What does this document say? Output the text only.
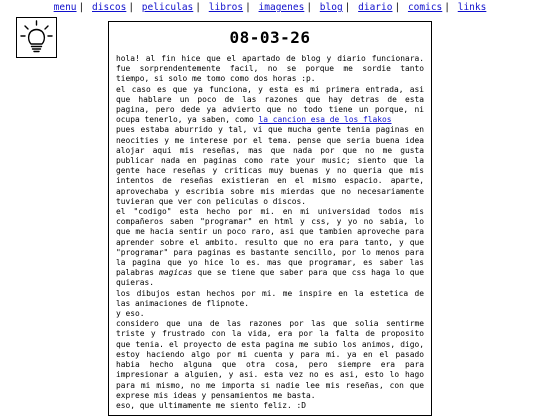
menu | discos | peliculas | libros | imagenes | blog | diario | comics | links
08-03-26

hola! al fin hice que el apartado de blog y diario funcionara. fue sorprendentemente facil, no se porque me sordie tanto tiempo, si solo me tomo como dos horas :p.

el caso es que ya funciona, y esta es mi primera entrada, asi que hablare un poco de las razones que hay detras de esta pagina, pero dede ya advierto que no todo tiene un porque, ni ocupa tenerlo, ya saben, como la cancion esa de los flakos

pues estaba aburrido y tal, vi que mucha gente tenia paginas en neocities y me interese por el tema. pense que seria buena idea alojar aqui mis reseñas, mas que nada por que no me gusta publicar nada en paginas como rate your music; siento que la gente hace reseñas y criticas muy buenas y no queria que mis intentos de reseñas existieran en el mismo espacio. aparte, aprovechaba y escribia sobre mis mierdas que no necesariamente tuvieran que ver con peliculas o discos.

el "codigo" esta hecho por mi. en mi universidad todos mis compañeros saben "programar" en html y css, y yo no sabia, lo que me hacia sentir un poco raro, asi que tambien aproveche para aprender sobre el ambito. resulto que no era para tanto, y que "programar" para paginas es bastante sencillo, por lo menos para la pagina que yo hice lo es. mas que programar, es saber las palabras magicas que se tiene que saber para que css haga lo que quieras.

los dibujos estan hechos por mi. me inspire en la estetica de las animaciones de flipnote.

y eso.

considero que una de las razones por las que solia sentirme triste y frustrado con la vida, era por la falta de proposito que tenia. el proyecto de esta pagina me subio los animos, digo, estoy haciendo algo por mi cuenta y para mi. ya en el pasado habia hecho alguna que otra cosa, pero siempre era para impresionar a alguien, y asi. esta vez no es asi, esto lo hago para mi mismo, no me importa si nadie lee mis reseñas, con que exprese mis ideas y pensamientos me basta.

eso, que ultimamente me siento feliz. :D
